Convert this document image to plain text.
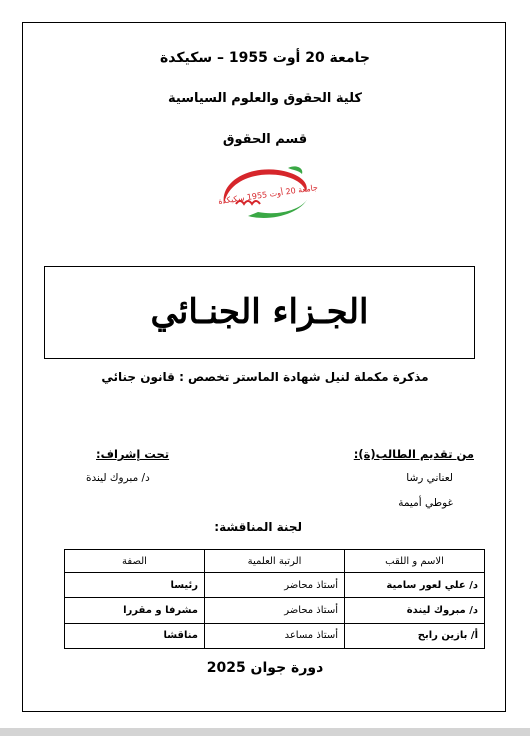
جامعة 20 أوت 1955 – سكيكدة
كلية الحقوق والعلوم السياسية
قسم الحقوق
جامعة 20 أوت 1955 سكيكدة
الجـزاء الجنـائي
مذكرة مكملة لنيل شهادة الماستر تخصص : قانون جنائي
من تقديم الطالب(ة):
تحت إشراف:
لعناني رشا
غوطي أميمة
د/ مبروك ليندة
لجنة المناقشة:
الاسم و اللقب	الرتبة العلمية	الصفة
د/ علي لعور سامية	أستاذ محاضر	رئيسا
د/ مبروك ليندة	أستاذ محاضر	مشرفا و مقررا
أ/ بازين رابح	أستاذ مساعد	مناقشا
دورة جوان 2025
